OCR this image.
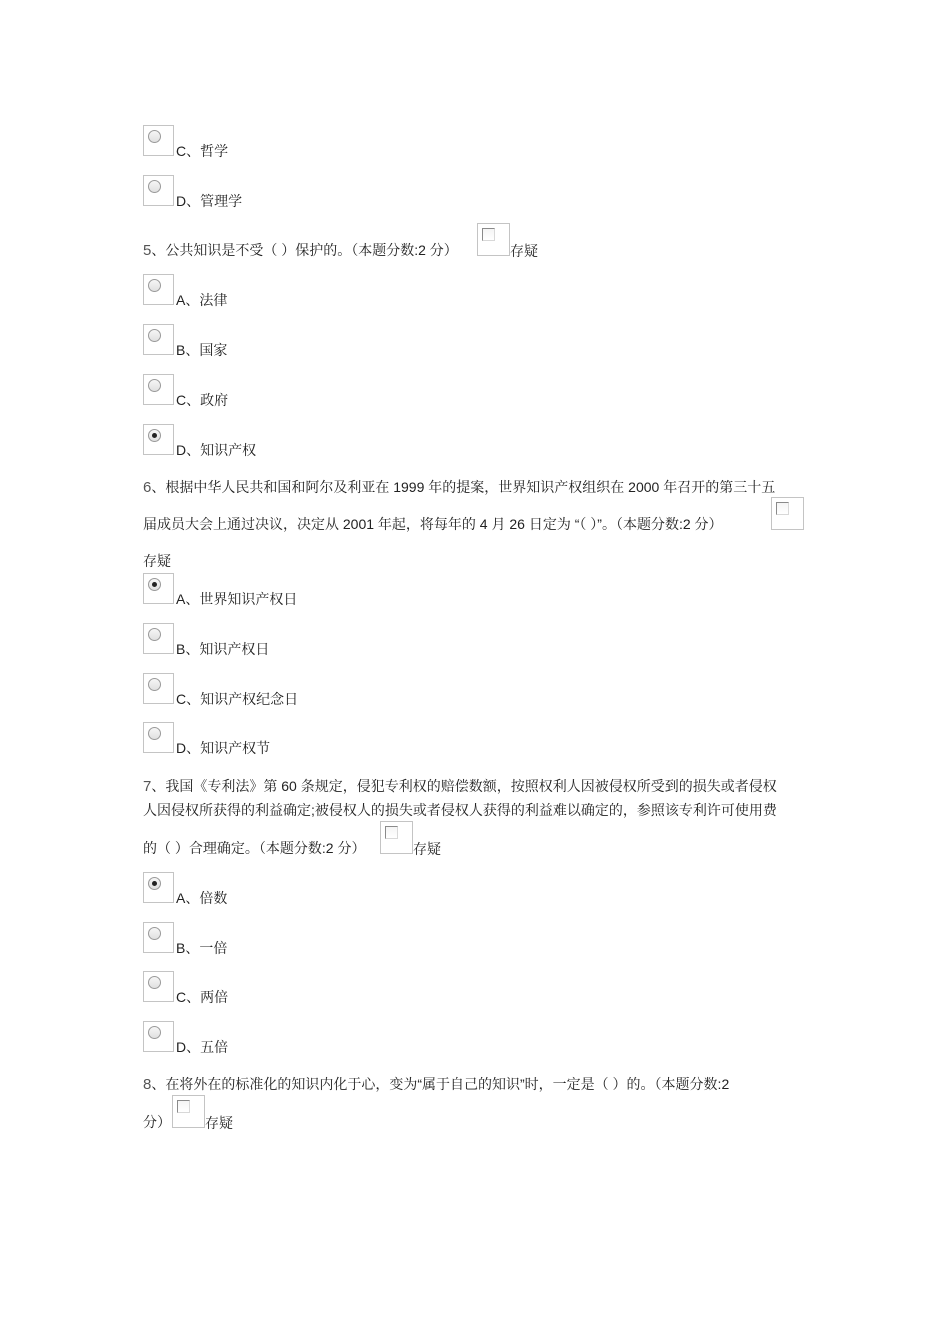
C、哲学
D、管理学
5、公共知识是不受（ ）保护的。（本题分数:2 分）	存疑
A、法律
B、国家
C、政府
D、知识产权
6、根据中华人民共和国和阿尔及利亚在 1999 年的提案，世界知识产权组织在 2000 年召开的第三十五
届成员大会上通过决议，决定从 2001 年起，将每年的 4 月 26 日定为 “（ ）”。（本题分数:2 分）
存疑
A、世界知识产权日
B、知识产权日
C、知识产权纪念日
D、知识产权节
7、我国《专利法》第 60 条规定，侵犯专利权的赔偿数额，按照权利人因被侵权所受到的损失或者侵权
人因侵权所获得的利益确定;被侵权人的损失或者侵权人获得的利益难以确定的，参照该专利许可使用费
的（ ）合理确定。（本题分数:2 分）	存疑
A、倍数
B、一倍
C、两倍
D、五倍
8、在将外在的标准化的知识内化于心，变为“属于自己的知识”时，一定是（ ）的。（本题分数:2
分） 存疑
